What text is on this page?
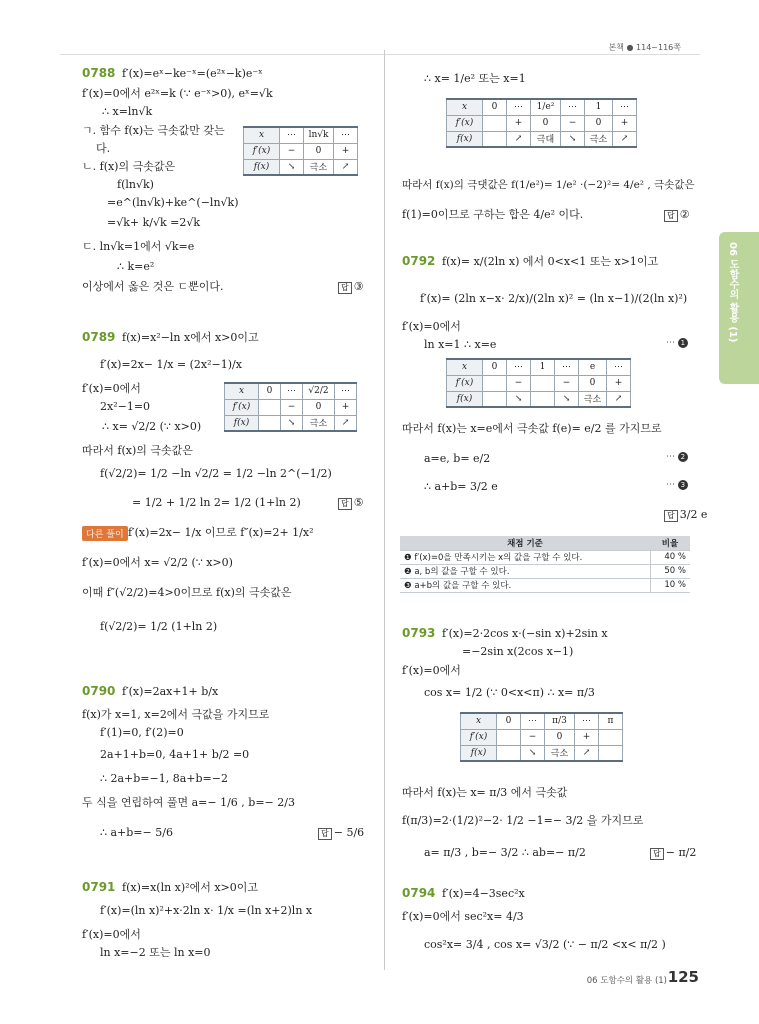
본책 ● 114~116쪽
06 도함수의 활용 (1)
0788 f′(x)=eˣ−ke⁻ˣ=(e²ˣ−k)e⁻ˣ
f′(x)=0에서 e²ˣ=k (∵ e⁻ˣ>0), eˣ=√k
∴ x=ln√k
ㄱ. 함수 f(x)는 극솟값만 갖는
다.
ㄴ. f(x)의 극솟값은
f(ln√k)
=e^(ln√k)+ke^(−ln√k)
=√k+ k/√k =2√k
ㄷ. ln√k=1에서 √k=e
∴ k=e²
이상에서 옳은 것은 ㄷ뿐이다.	답 ③
x	⋯	ln√k	⋯
f′(x)	−	0	+
f(x)	↘	극소	↗
0789 f(x)=x²−ln x에서 x>0이고
f′(x)=2x− 1/x = (2x²−1)/x
f′(x)=0에서
2x²−1=0
∴ x= √2/2 (∵ x>0)
따라서 f(x)의 극솟값은
f(√2/2)= 1/2 −ln √2/2 = 1/2 −ln 2^(−1/2)
= 1/2 + 1/2 ln 2= 1/2 (1+ln 2)	답 ⑤
x	0	⋯	√2/2	⋯
f′(x)		−	0	+
f(x)		↘	극소	↗
다른 풀이 f′(x)=2x− 1/x 이므로 f″(x)=2+ 1/x²
f′(x)=0에서 x= √2/2 (∵ x>0)
이때 f″(√2/2)=4>0이므로 f(x)의 극솟값은
f(√2/2)= 1/2 (1+ln 2)
0790 f′(x)=2ax+1+ b/x
f(x)가 x=1, x=2에서 극값을 가지므로
f′(1)=0, f′(2)=0
2a+1+b=0, 4a+1+ b/2 =0
∴ 2a+b=−1, 8a+b=−2
두 식을 연립하여 풀면 a=− 1/6 , b=− 2/3
∴ a+b=− 5/6	답 − 5/6
0791 f(x)=x(ln x)²에서 x>0이고
f′(x)=(ln x)²+x·2ln x· 1/x =(ln x+2)ln x
f′(x)=0에서
ln x=−2 또는 ln x=0
∴ x= 1/e² 또는 x=1
x	0	⋯	1/e²	⋯	1	⋯
f′(x)		+	0	−	0	+
f(x)		↗	극대	↘	극소	↗
따라서 f(x)의 극댓값은 f(1/e²)= 1/e² ·(−2)²= 4/e² , 극솟값은
f(1)=0이므로 구하는 합은 4/e² 이다.	답 ②
0792 f(x)= x/(2ln x) 에서 0<x<1 또는 x>1이고
f′(x)= (2ln x−x· 2/x)/(2ln x)² = (ln x−1)/(2(ln x)²)
f′(x)=0에서
ln x=1 ∴ x=e	⋯ 1
x	0	⋯	1	⋯	e	⋯
f′(x)		−		−	0	+
f(x)		↘		↘	극소	↗
따라서 f(x)는 x=e에서 극솟값 f(e)= e/2 를 가지므로
a=e, b= e/2	⋯ 2
∴ a+b= 3/2 e	⋯ 3
답 3/2 e
채점 기준	비율
❶ f′(x)=0을 만족시키는 x의 값을 구할 수 있다.	40 %
❷ a, b의 값을 구할 수 있다.	50 %
❸ a+b의 값을 구할 수 있다.	10 %
0793 f′(x)=2·2cos x·(−sin x)+2sin x
=−2sin x(2cos x−1)
f′(x)=0에서
cos x= 1/2 (∵ 0<x<π) ∴ x= π/3
x	0	⋯	π/3	⋯	π
f′(x)		−	0	+	
f(x)		↘	극소	↗	
따라서 f(x)는 x= π/3 에서 극솟값
f(π/3)=2·(1/2)²−2· 1/2 −1=− 3/2 을 가지므로
a= π/3 , b=− 3/2 ∴ ab=− π/2	답 − π/2
0794 f′(x)=4−3sec²x
f′(x)=0에서 sec²x= 4/3
cos²x= 3/4 , cos x= √3/2 (∵ − π/2 <x< π/2 )
06 도함수의 활용 (1) 125
